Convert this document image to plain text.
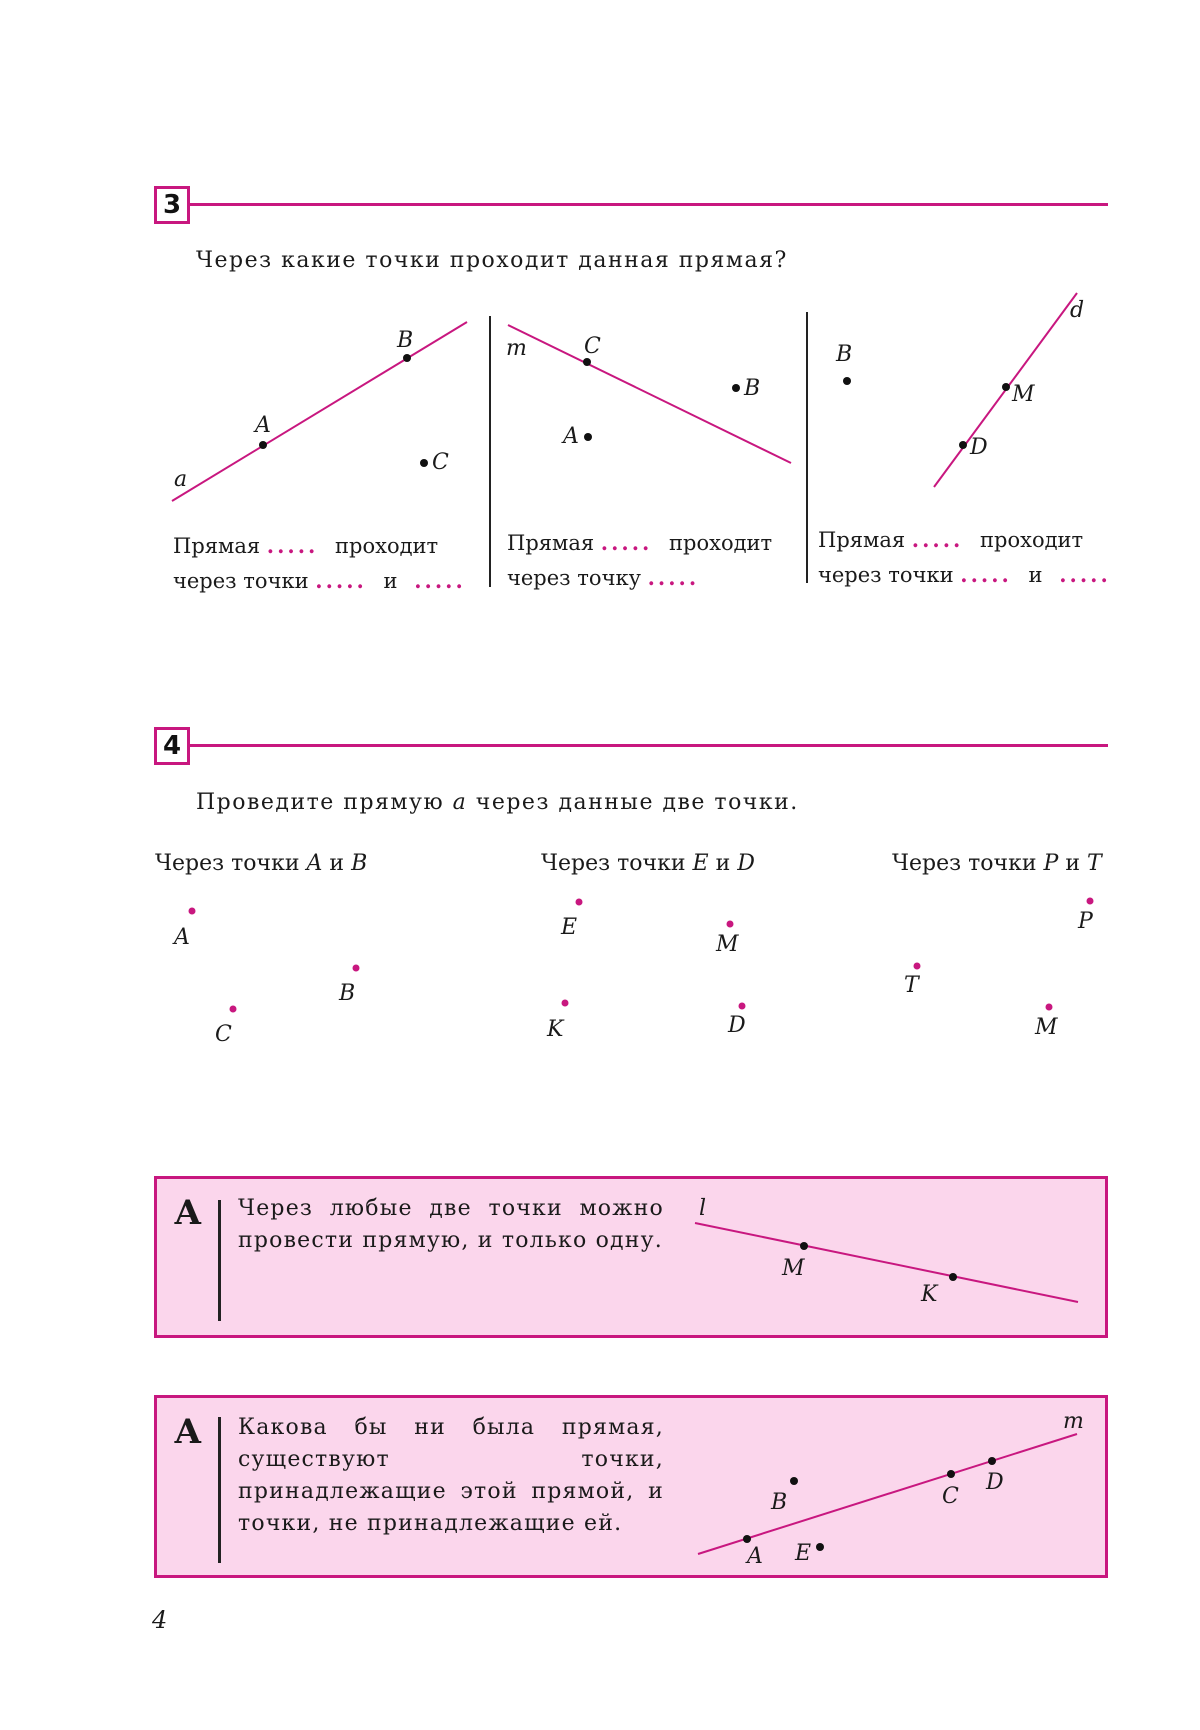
3
Через какие точки проходит данная прямая?
a
A
B
C
m	C
B
A
d
B
M
D
Прямая ..... проходит
через точки ..... и .....
Прямая ..... проходит
через точку .....
Прямая ..... проходит
через точки ..... и .....
4
Проведите прямую a через данные две точки.
Через точки A и B	Через точки E и D	Через точки P и T
A
B
C
E
M
K	D
P
T
M
А Через любые две точки можно провести прямую, и только одну.
l
M
K
А Какова бы ни была прямая, существуют точки, принадлежащие этой прямой, и точки, не принадлежащие ей.
m
B	C
D
A E
4
